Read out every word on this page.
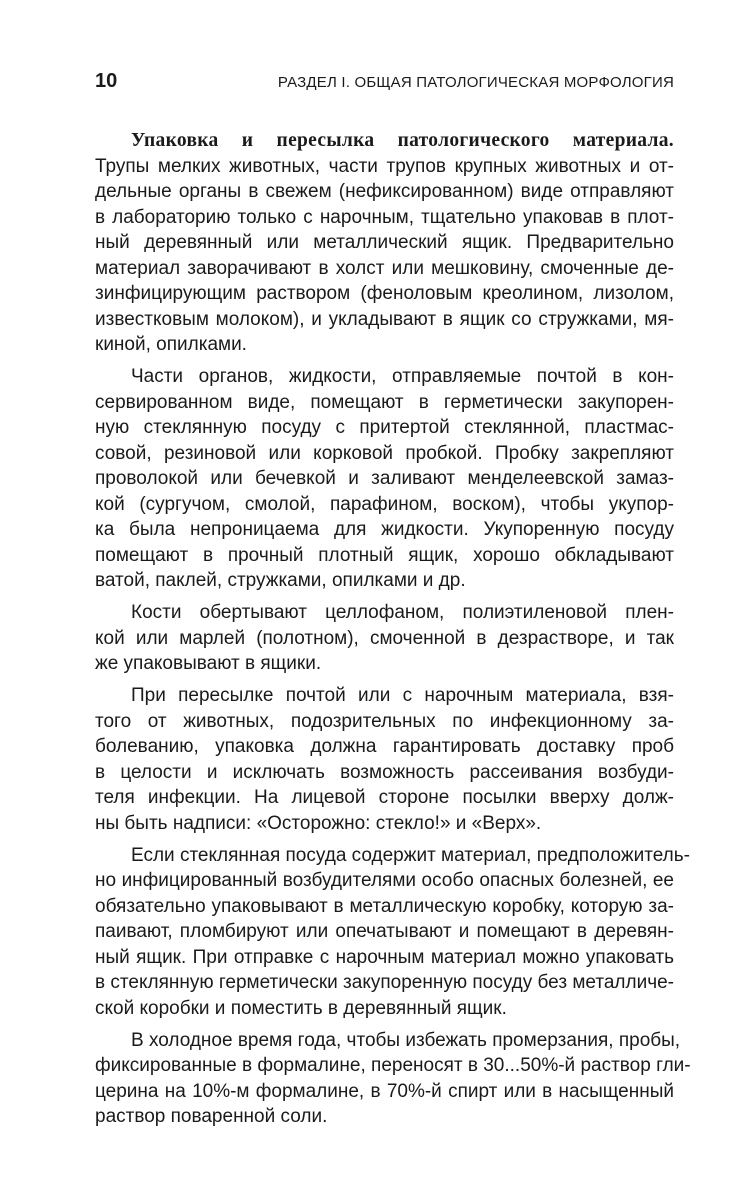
10	РАЗДЕЛ I. ОБЩАЯ ПАТОЛОГИЧЕСКАЯ МОРФОЛОГИЯ
Упаковка и пересылка патологического материала.
Трупы мелких животных, части трупов крупных животных и от-
дельные органы в свежем (нефиксированном) виде отправляют
в лабораторию только с нарочным, тщательно упаковав в плот-
ный деревянный или металлический ящик. Предварительно
материал заворачивают в холст или мешковину, смоченные де-
зинфицирующим раствором (феноловым креолином, лизолом,
известковым молоком), и укладывают в ящик со стружками, мя-
киной, опилками.
Части органов, жидкости, отправляемые почтой в кон-
сервированном виде, помещают в герметически закупорен-
ную стеклянную посуду с притертой стеклянной, пластмас-
совой, резиновой или корковой пробкой. Пробку закрепляют
проволокой или бечевкой и заливают менделеевской замаз-
кой (сургучом, смолой, парафином, воском), чтобы укупор-
ка была непроницаема для жидкости. Укупоренную посуду
помещают в прочный плотный ящик, хорошо обкладывают
ватой, паклей, стружками, опилками и др.
Кости обертывают целлофаном, полиэтиленовой плен-
кой или марлей (полотном), смоченной в дезрастворе, и так
же упаковывают в ящики.
При пересылке почтой или с нарочным материала, взя-
того от животных, подозрительных по инфекционному за-
болеванию, упаковка должна гарантировать доставку проб
в целости и исключать возможность рассеивания возбуди-
теля инфекции. На лицевой стороне посылки вверху долж-
ны быть надписи: «Осторожно: стекло!» и «Верх».
Если стеклянная посуда содержит материал, предположитель-
но инфицированный возбудителями особо опасных болезней, ее
обязательно упаковывают в металлическую коробку, которую за-
паивают, пломбируют или опечатывают и помещают в деревян-
ный ящик. При отправке с нарочным материал можно упаковать
в стеклянную герметически закупоренную посуду без металличе-
ской коробки и поместить в деревянный ящик.
В холодное время года, чтобы избежать промерзания, пробы,
фиксированные в формалине, переносят в 30...50%-й раствор гли-
церина на 10%-м формалине, в 70%-й спирт или в насыщенный
раствор поваренной соли.
